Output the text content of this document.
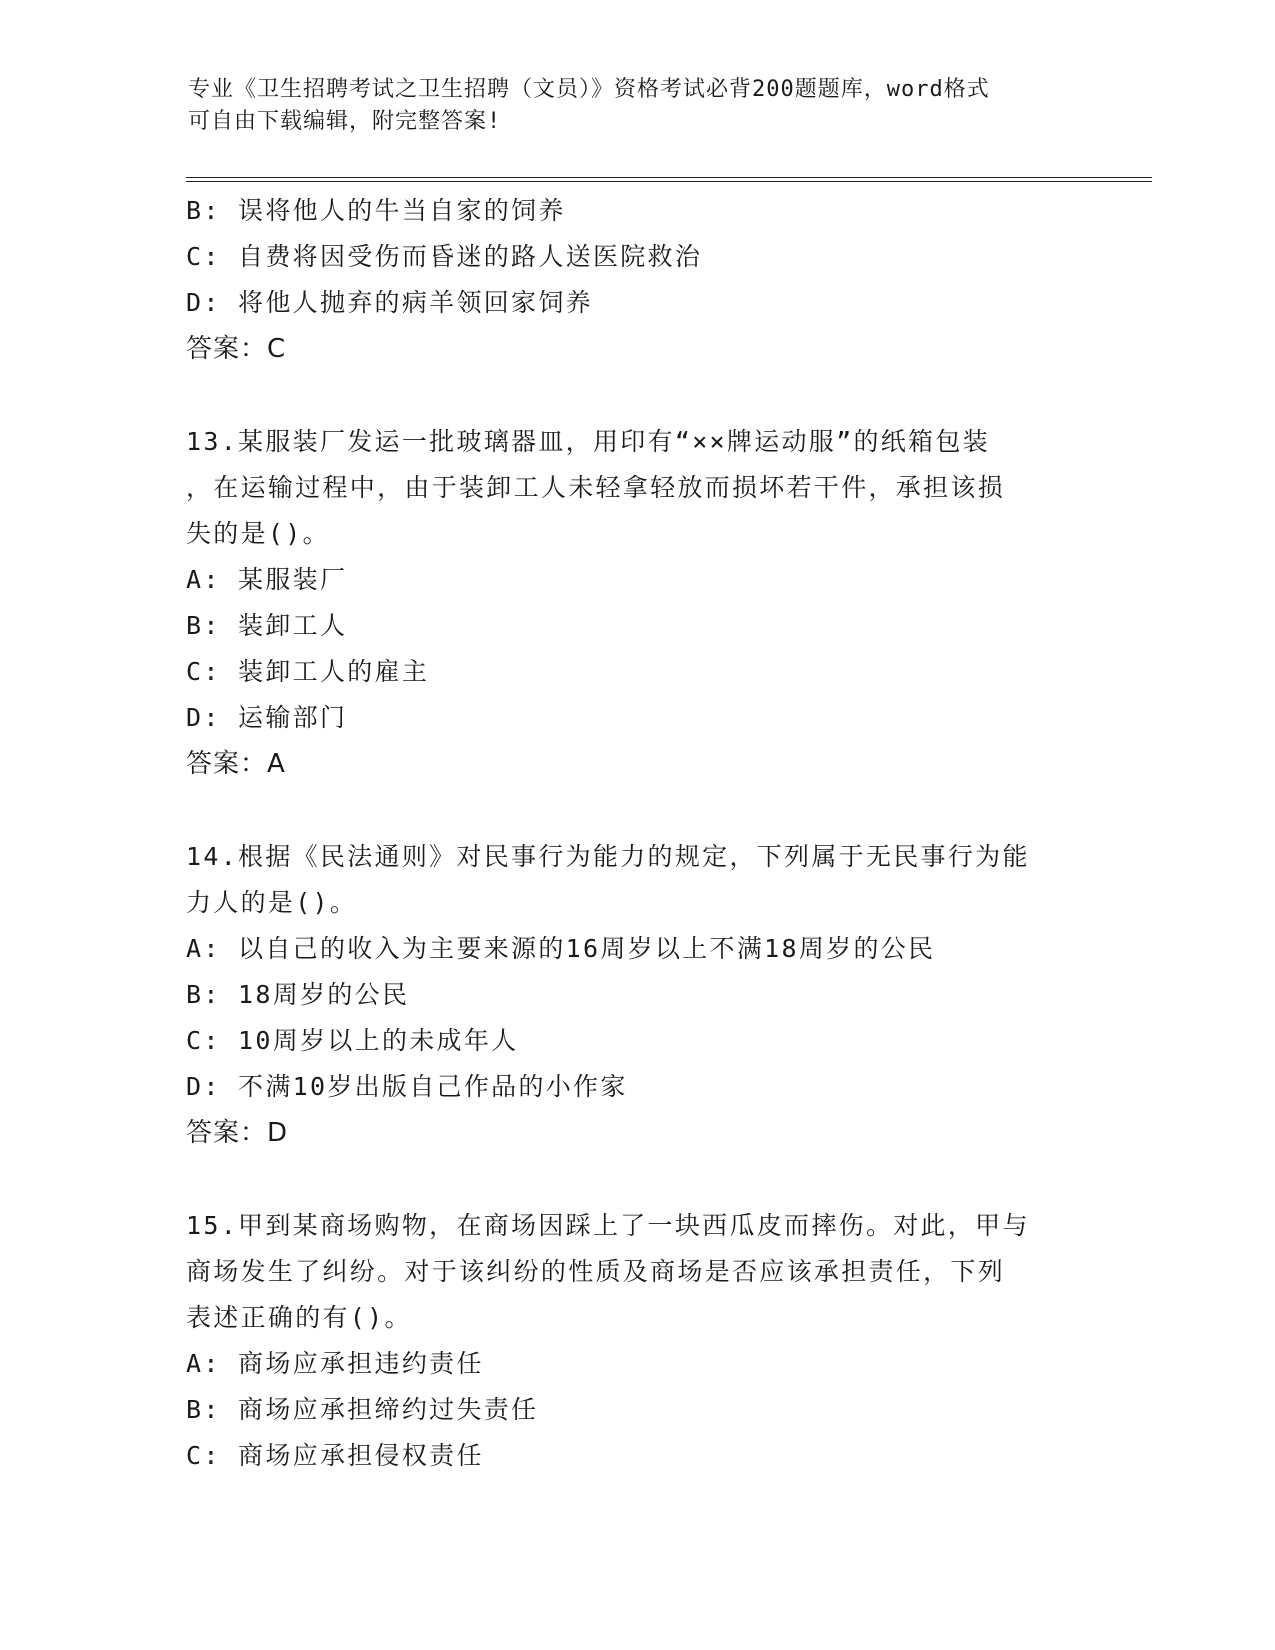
专业《卫生招聘考试之卫生招聘（文员）》资格考试必背200题题库，word格式
可自由下载编辑，附完整答案!
B: 误将他人的牛当自家的饲养
C: 自费将因受伤而昏迷的路人送医院救治
D: 将他人抛弃的病羊领回家饲养
答案：C
13.某服装厂发运一批玻璃器皿，用印有“××牌运动服”的纸箱包装
，在运输过程中，由于装卸工人未轻拿轻放而损坏若干件，承担该损
失的是()。
A: 某服装厂
B: 装卸工人
C: 装卸工人的雇主
D: 运输部门
答案：A
14.根据《民法通则》对民事行为能力的规定，下列属于无民事行为能
力人的是()。
A: 以自己的收入为主要来源的16周岁以上不满18周岁的公民
B: 18周岁的公民
C: 10周岁以上的未成年人
D: 不满10岁出版自己作品的小作家
答案：D
15.甲到某商场购物，在商场因踩上了一块西瓜皮而摔伤。对此，甲与
商场发生了纠纷。对于该纠纷的性质及商场是否应该承担责任，下列
表述正确的有()。
A: 商场应承担违约责任
B: 商场应承担缔约过失责任
C: 商场应承担侵权责任
